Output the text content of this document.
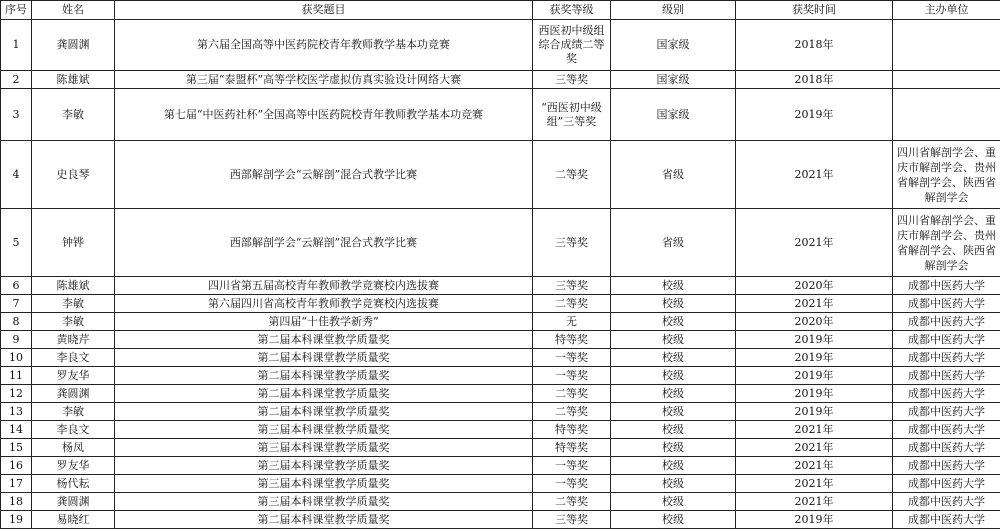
序号	姓名	获奖题目	获奖等级	级别	获奖时间	主办单位
1	龚圆渊	第六届全国高等中医药院校青年教师教学基本功竞赛	西医初中级组综合成绩二等奖	国家级	2018年	
2	陈雄斌	第三届“泰盟杯”高等学校医学虚拟仿真实验设计网络大赛	三等奖	国家级	2018年	
3	李敏	第七届“中医药社杯”全国高等中医药院校青年教师教学基本功竞赛	“西医初中级组”三等奖	国家级	2019年	
4	史良琴	西部解剖学会“云解剖”混合式教学比赛	二等奖	省级	2021年	四川省解剖学会、重庆市解剖学会、贵州省解剖学会、陕西省解剖学会
5	钟铧	西部解剖学会“云解剖”混合式教学比赛	三等奖	省级	2021年	四川省解剖学会、重庆市解剖学会、贵州省解剖学会、陕西省解剖学会
6	陈雄斌	四川省第五届高校青年教师教学竞赛校内选拔赛	三等奖	校级	2020年	成都中医药大学
7	李敏	第六届四川省高校青年教师教学竞赛校内选拔赛	二等奖	校级	2021年	成都中医药大学
8	李敏	第四届“十佳教学新秀”	无	校级	2020年	成都中医药大学
9	黄晓芹	第二届本科课堂教学质量奖	特等奖	校级	2019年	成都中医药大学
10	李良文	第二届本科课堂教学质量奖	一等奖	校级	2019年	成都中医药大学
11	罗友华	第二届本科课堂教学质量奖	一等奖	校级	2019年	成都中医药大学
12	龚圆渊	第二届本科课堂教学质量奖	二等奖	校级	2019年	成都中医药大学
13	李敏	第二届本科课堂教学质量奖	二等奖	校级	2019年	成都中医药大学
14	李良文	第三届本科课堂教学质量奖	特等奖	校级	2021年	成都中医药大学
15	杨凤	第三届本科课堂教学质量奖	特等奖	校级	2021年	成都中医药大学
16	罗友华	第三届本科课堂教学质量奖	一等奖	校级	2021年	成都中医药大学
17	杨代耘	第三届本科课堂教学质量奖	一等奖	校级	2021年	成都中医药大学
18	龚圆渊	第三届本科课堂教学质量奖	二等奖	校级	2021年	成都中医药大学
19	易晓红	第二届本科课堂教学质量奖	三等奖	校级	2019年	成都中医药大学
